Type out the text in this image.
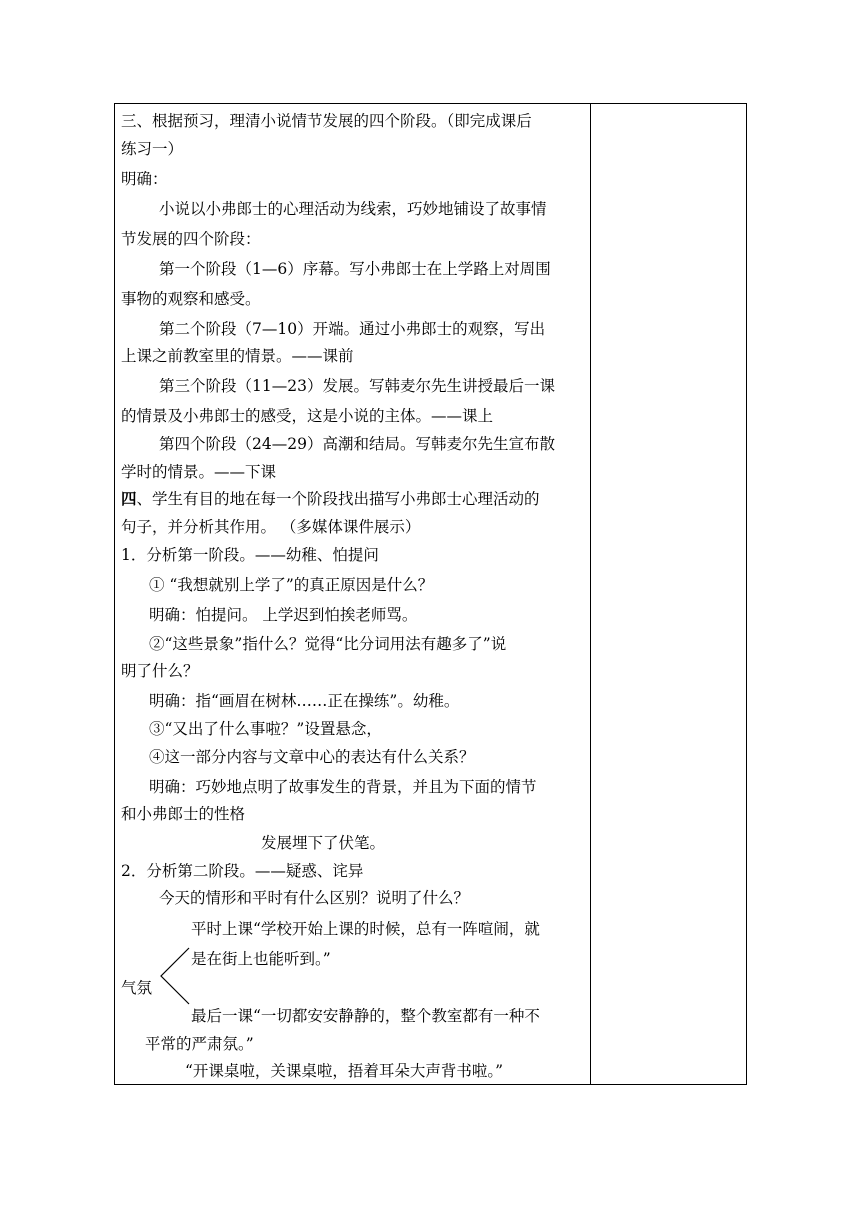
三、根据预习，理清小说情节发展的四个阶段。（即完成课后
练习一）
明确：
小说以小弗郎士的心理活动为线索，巧妙地铺设了故事情
节发展的四个阶段：
第一个阶段（1—6）序幕。写小弗郎士在上学路上对周围
事物的观察和感受。
第二个阶段（7—10）开端。通过小弗郎士的观察，写出
上课之前教室里的情景。——课前
第三个阶段（11—23）发展。写韩麦尔先生讲授最后一课
的情景及小弗郎士的感受，这是小说的主体。——课上
第四个阶段（24—29）高潮和结局。写韩麦尔先生宣布散
学时的情景。——下课
四、学生有目的地在每一个阶段找出描写小弗郎士心理活动的
句子，并分析其作用。 （多媒体课件展示）
1．分析第一阶段。——幼稚、怕提问
① “我想就别上学了”的真正原因是什么？
明确：怕提问。 上学迟到怕挨老师骂。
②“这些景象”指什么？觉得“比分词用法有趣多了”说
明了什么？
明确：指“画眉在树林……正在操练”。幼稚。
③“又出了什么事啦？”设置悬念，
④这一部分内容与文章中心的表达有什么关系？
明确：巧妙地点明了故事发生的背景，并且为下面的情节
和小弗郎士的性格
发展埋下了伏笔。
2．分析第二阶段。——疑惑、诧异
今天的情形和平时有什么区别？说明了什么？
平时上课“学校开始上课的时候，总有一阵喧闹，就
是在街上也能听到。”
气氛
最后一课“一切都安安静静的，整个教室都有一种不
平常的严肃氛。”
“开课桌啦，关课桌啦，捂着耳朵大声背书啦。”
